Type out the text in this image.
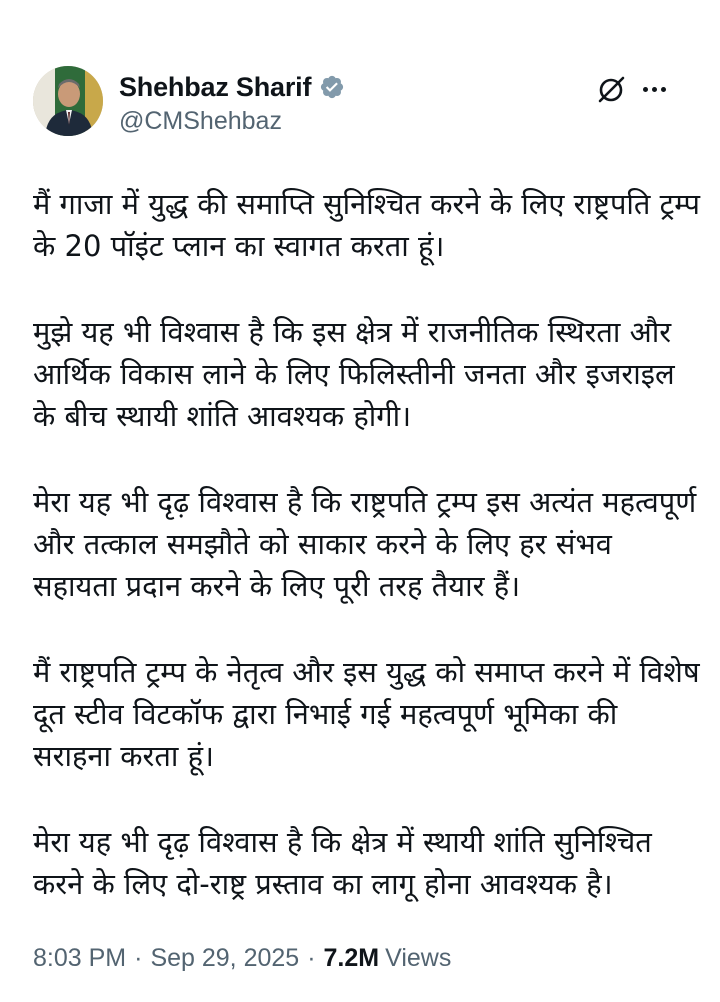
Shehbaz Sharif
@CMShehbaz

मैं गाजा में युद्ध की समाप्ति सुनिश्चित करने के लिए राष्ट्रपति ट्रम्प के 20 पॉइंट प्लान का स्वागत करता हूं।

मुझे यह भी विश्वास है कि इस क्षेत्र में राजनीतिक स्थिरता और आर्थिक विकास लाने के लिए फिलिस्तीनी जनता और इजराइल के बीच स्थायी शांति आवश्यक होगी।

मेरा यह भी दृढ़ विश्वास है कि राष्ट्रपति ट्रम्प इस अत्यंत महत्वपूर्ण और तत्काल समझौते को साकार करने के लिए हर संभव सहायता प्रदान करने के लिए पूरी तरह तैयार हैं।

मैं राष्ट्रपति ट्रम्प के नेतृत्व और इस युद्ध को समाप्त करने में विशेष दूत स्टीव विटकॉफ द्वारा निभाई गई महत्वपूर्ण भूमिका की सराहना करता हूं।

मेरा यह भी दृढ़ विश्वास है कि क्षेत्र में स्थायी शांति सुनिश्चित करने के लिए दो-राष्ट्र प्रस्ताव का लागू होना आवश्यक है।

8:03 PM · Sep 29, 2025 · 7.2M Views
